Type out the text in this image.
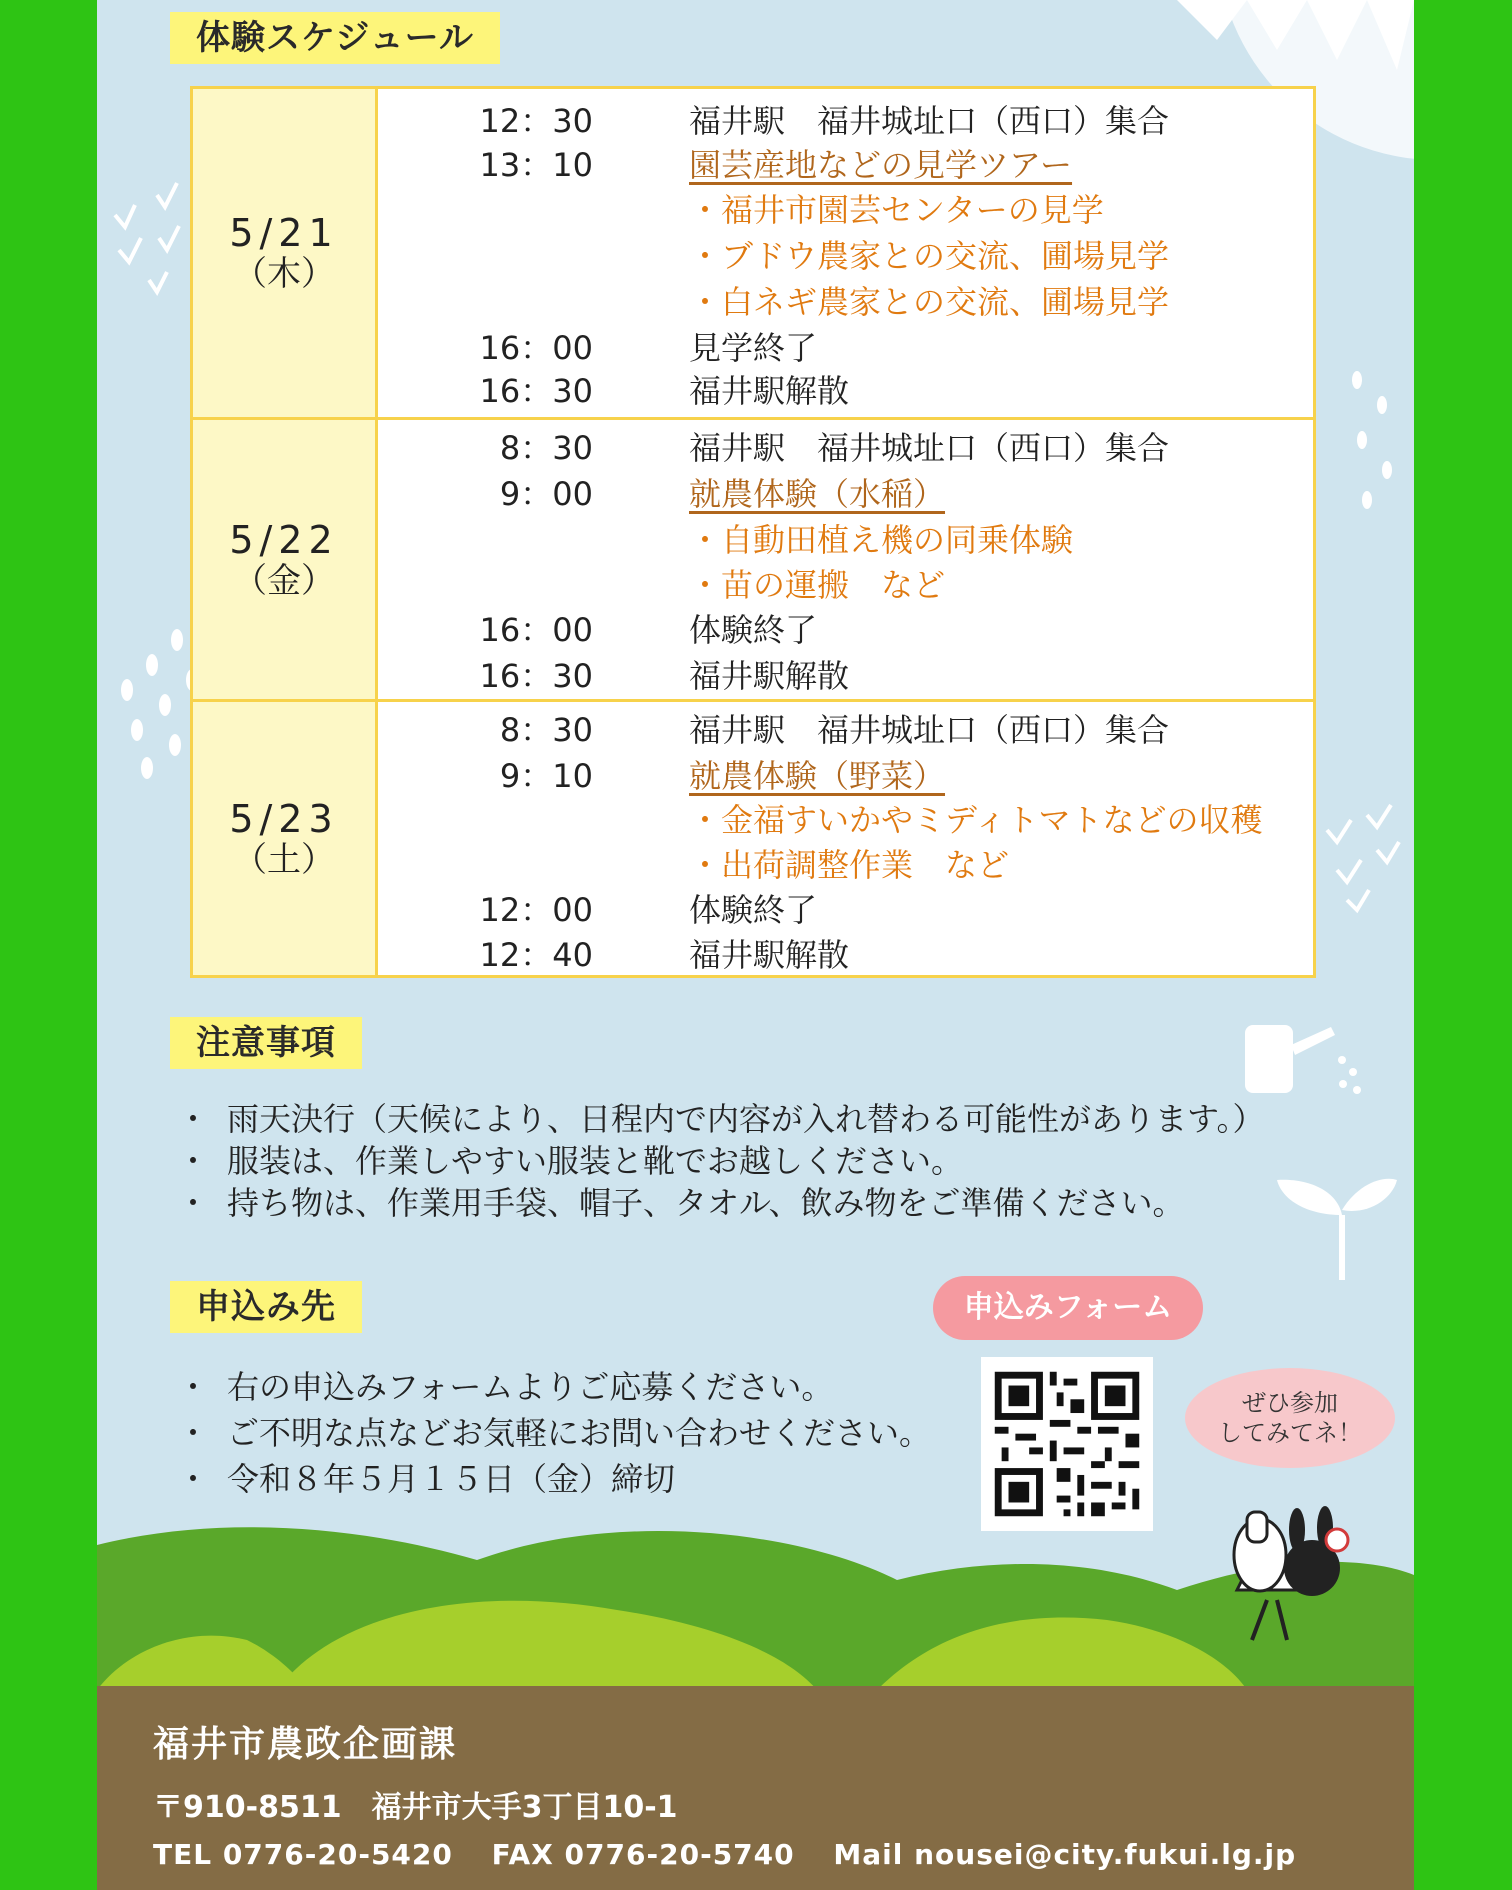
体験スケジュール
5/21
（木）
12：30	福井駅　福井城址口（西口）集合
13：10	園芸産地などの見学ツアー
・福井市園芸センターの見学
・ブドウ農家との交流、圃場見学
・白ネギ農家との交流、圃場見学
16：00	見学終了
16：30	福井駅解散
5/22
（金）
8：30	福井駅　福井城址口（西口）集合
9：00	就農体験（水稲）
・自動田植え機の同乗体験
・苗の運搬　など
16：00	体験終了
16：30	福井駅解散
5/23
（土）
8：30	福井駅　福井城址口（西口）集合
9：10	就農体験（野菜）
・金福すいかやミディトマトなどの収穫
・出荷調整作業　など
12：00	体験終了
12：40	福井駅解散
注意事項
・ 雨天決行（天候により、日程内で内容が入れ替わる可能性があります。）
・ 服装は、作業しやすい服装と靴でお越しください。
・ 持ち物は、作業用手袋、帽子、タオル、飲み物をご準備ください。
申込み先
・ 右の申込みフォームよりご応募ください。
・ ご不明な点などお気軽にお問い合わせください。
・ 令和８年５月１５日（金）締切
申込みフォーム
ぜひ参加
してみてネ！
福井市農政企画課
〒910-8511　福井市大手3丁目10-1
TEL 0776-20-5420 FAX 0776-20-5740 Mail nousei@city.fukui.lg.jp
